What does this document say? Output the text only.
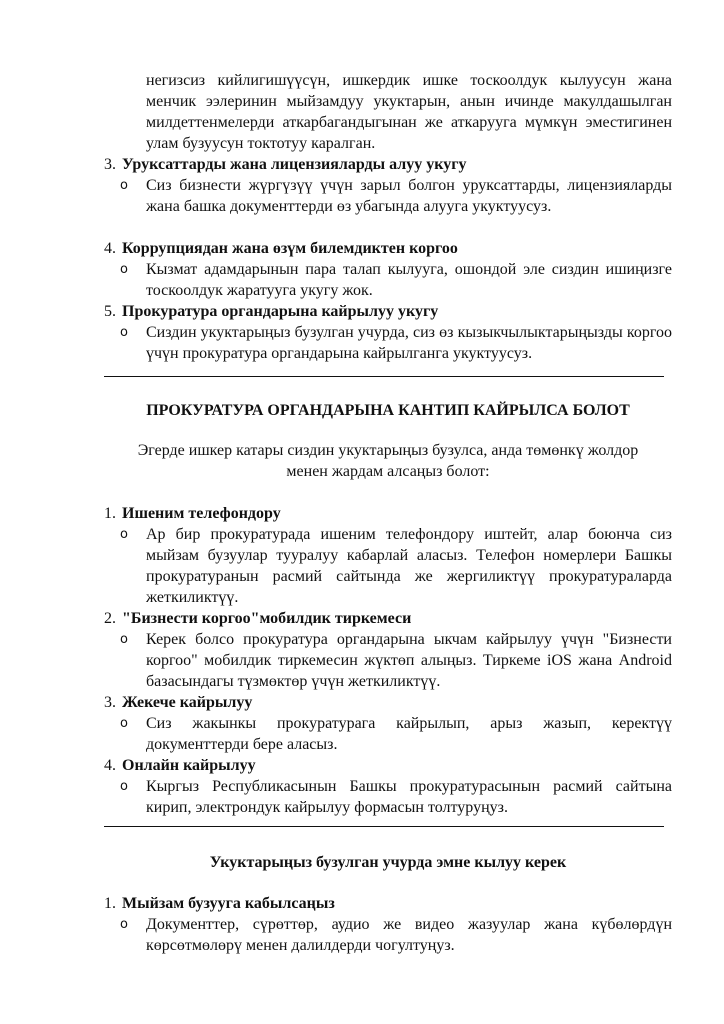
негизсиз кийлигишүүсүн, ишкердик ишке тоскоолдук кылуусун жана менчик ээлеринин мыйзамдуу укуктарын, анын ичинде макулдашылган милдеттенмелерди аткарбагандыгынан же аткарууга мүмкүн эместигинен улам бузуусун токтотуу каралган.

3. Уруксаттарды жана лицензияларды алуу укугу
o Сиз бизнести жүргүзүү үчүн зарыл болгон уруксаттарды, лицензияларды жана башка документтерди өз убагында алууга укуктуусуз.
4. Коррупциядан жана өзүм билемдиктен коргоо
o Кызмат адамдарынын пара талап кылууга, ошондой эле сиздин ишиңизге тоскоолдук жаратууга укугу жок.
5. Прокуратура органдарына кайрылуу укугу
o Сиздин укуктарыңыз бузулган учурда, сиз өз кызыкчылыктарыңызды коргоо үчүн прокуратура органдарына кайрылганга укуктуусуз.

ПРОКУРАТУРА ОРГАНДАРЫНА КАНТИП КАЙРЫЛСА БОЛОТ

Эгерде ишкер катары сиздин укуктарыңыз бузулса, анда төмөнкү жолдор менен жардам алсаңыз болот:

1. Ишеним телефондору
o Ар бир прокуратурада ишеним телефондору иштейт, алар боюнча сиз мыйзам бузуулар тууралуу кабарлай аласыз. Телефон номерлери Башкы прокуратуранын расмий сайтында же жергиликтүү прокуратураларда жеткиликтүү.
2. "Бизнести коргоо"мобилдик тиркемеси
o Керек болсо прокуратура органдарына ыкчам кайрылуу үчүн "Бизнести коргоо" мобилдик тиркемесин жүктөп алыңыз. Тиркеме iOS жана Android базасындагы түзмөктөр үчүн жеткиликтүү.
3. Жекече кайрылуу
o Сиз жакынкы прокуратурага кайрылып, арыз жазып, керектүү документтерди бере аласыз.
4. Онлайн кайрылуу
o Кыргыз Республикасынын Башкы прокуратурасынын расмий сайтына кирип, электрондук кайрылуу формасын толтуруңуз.

Укуктарыңыз бузулган учурда эмне кылуу керек

1. Мыйзам бузууга кабылсаңыз
o Документтер, сүрөттөр, аудио же видео жазуулар жана күбөлөрдүн көрсөтмөлөрү менен далилдерди чогултуңуз.
